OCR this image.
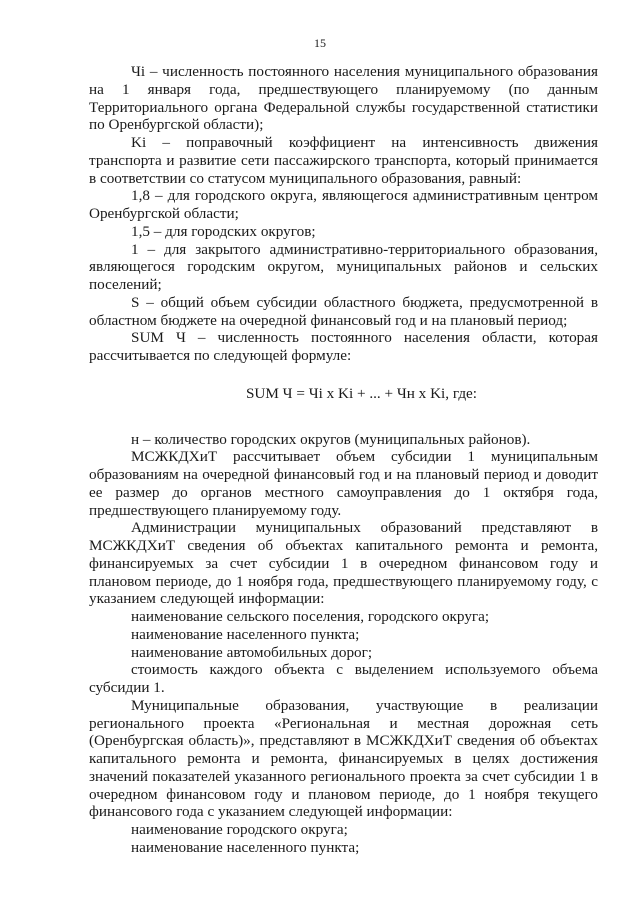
15

Чi – численность постоянного населения муниципального образования на 1 января года, предшествующего планируемому (по данным Территориального органа Федеральной службы государственной статистики по Оренбургской области);

Ki – поправочный коэффициент на интенсивность движения транспорта и развитие сети пассажирского транспорта, который принимается в соответствии со статусом муниципального образования, равный:

1,8 – для городского округа, являющегося административным центром Оренбургской области;

1,5 – для городских округов;

1 – для закрытого административно-территориального образования, являющегося городским округом, муниципальных районов и сельских поселений;

S – общий объем субсидии областного бюджета, предусмотренной в областном бюджете на очередной финансовый год и на плановый период;

SUM Ч – численность постоянного населения области, которая рассчитывается по следующей формуле:

SUM Ч = Чi x Ki + ... + Чн x Ki, где:

н – количество городских округов (муниципальных районов).

МСЖКДХиТ рассчитывает объем субсидии 1 муниципальным образованиям на очередной финансовый год и на плановый период и доводит ее размер до органов местного самоуправления до 1 октября года, предшествующего планируемому году.

Администрации муниципальных образований представляют в МСЖКДХиТ сведения об объектах капитального ремонта и ремонта, финансируемых за счет субсидии 1 в очередном финансовом году и плановом периоде, до 1 ноября года, предшествующего планируемому году, с указанием следующей информации:

наименование сельского поселения, городского округа;

наименование населенного пункта;

наименование автомобильных дорог;

стоимость каждого объекта с выделением используемого объема субсидии 1.

Муниципальные образования, участвующие в реализации регионального проекта «Региональная и местная дорожная сеть (Оренбургская область)», представляют в МСЖКДХиТ сведения об объектах капитального ремонта и ремонта, финансируемых в целях достижения значений показателей указанного регионального проекта за счет субсидии 1 в очередном финансовом году и плановом периоде, до 1 ноября текущего финансового года с указанием следующей информации:

наименование городского округа;

наименование населенного пункта;
